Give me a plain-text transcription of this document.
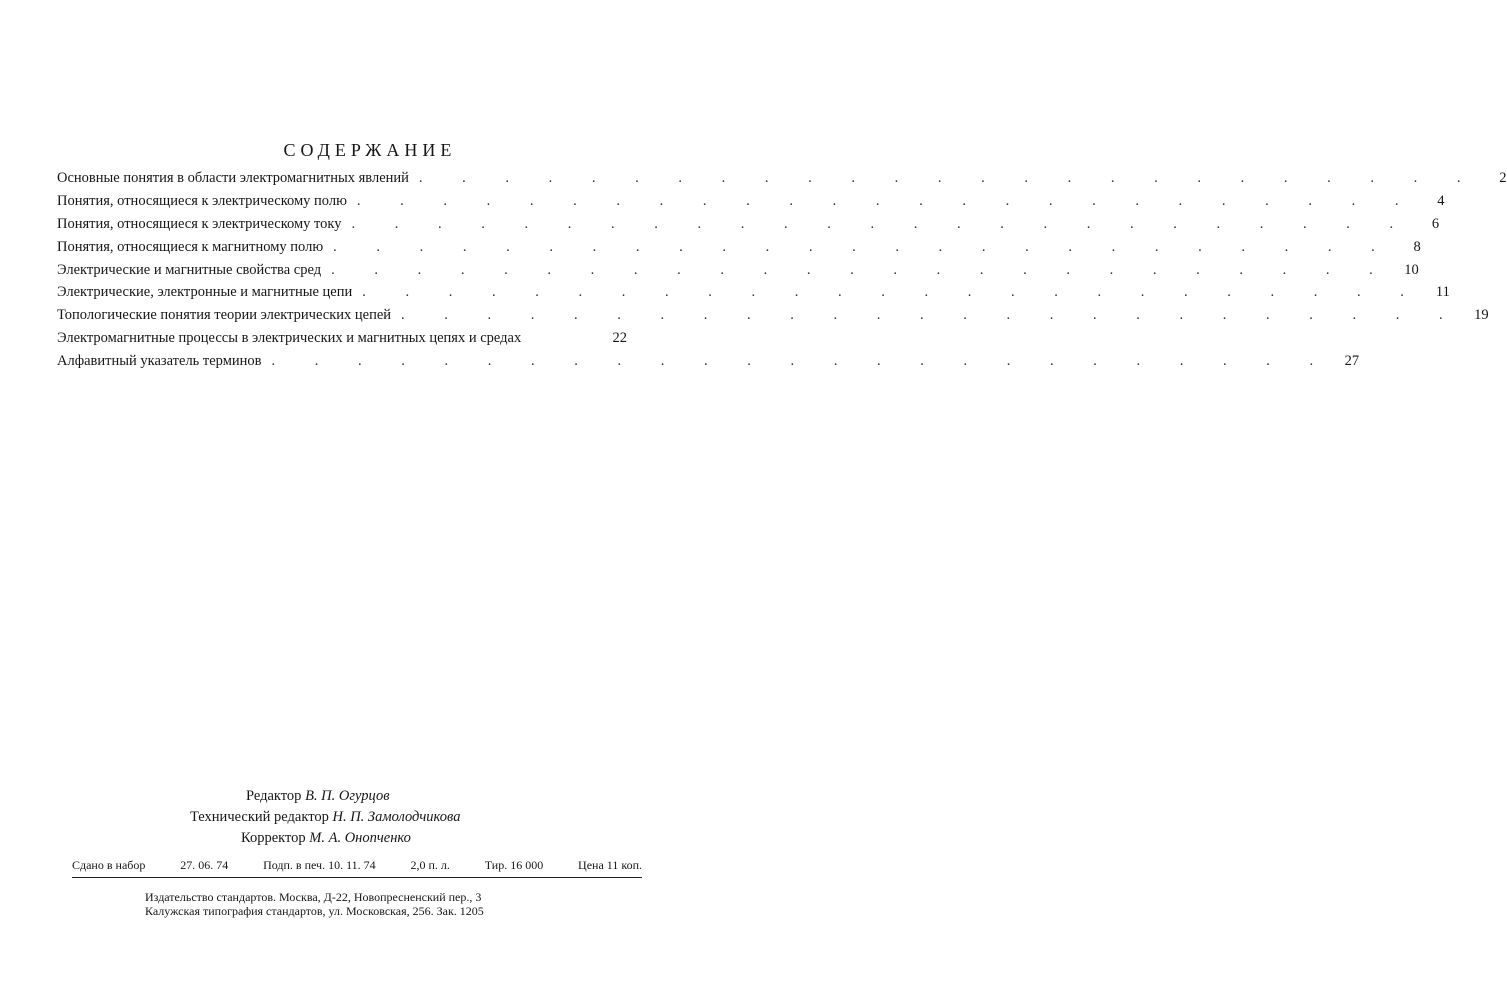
СОДЕРЖАНИЕ
Основные понятия в области электромагнитных явлений . . . . . . . . . . . . . . . . . . . . . . . . .	2
Понятия, относящиеся к электрическому полю . . . . . . . . . . . . . . . . . . . . . . . . .	4
Понятия, относящиеся к электрическому току . . . . . . . . . . . . . . . . . . . . . . . . .	6
Понятия, относящиеся к магнитному полю . . . . . . . . . . . . . . . . . . . . . . . . .	8
Электрические и магнитные свойства сред . . . . . . . . . . . . . . . . . . . . . . . . . 10
Электрические, электронные и магнитные цепи . . . . . . . . . . . . . . . . . . . . . . . . . 11
Топологические понятия теории электрических цепей . . . . . . . . . . . . . . . . . . . . . . . . . 19
Электромагнитные процессы в электрических и магнитных цепях и средах	22
Алфавитный указатель терминов . . . . . . . . . . . . . . . . . . . . . . . . . 27
Редактор В. П. Огурцов
Технический редактор Н. П. Замолодчикова
Корректор М. А. Онопченко
Сдано в набор	27. 06. 74	Подп. в печ. 10. 11. 74	2,0 п. л.	Тир. 16 000	Цена 11 коп.
Издательство стандартов. Москва, Д-22, Новопресненский пер., 3
Калужская типография стандартов, ул. Московская, 256. Зак. 1205
